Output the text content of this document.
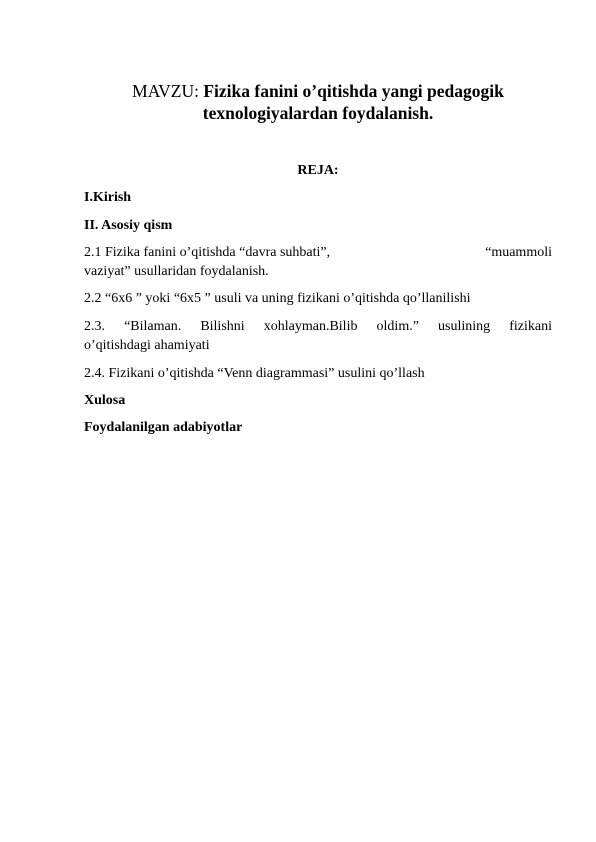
MAVZU: Fizika fanini o’qitishda yangi pedagogik
texnologiyalardan foydalanish.
REJA:
I.Kirish
II. Asosiy qism
2.1 Fizika fanini o’qitishda “davra suhbati”,	“muammoli
vaziyat” usullaridan foydalanish.
2.2 “6x6 ” yoki “6x5 ” usuli va uning fizikani o’qitishda qo’llanilishi
2.3. “Bilaman. Bilishni xohlayman.Bilib oldim.” usulining fizikani
o’qitishdagi ahamiyati
2.4. Fizikani o’qitishda “Venn diagrammasi” usulini qo’llash
Xulosa
Foydalanilgan adabiyotlar
